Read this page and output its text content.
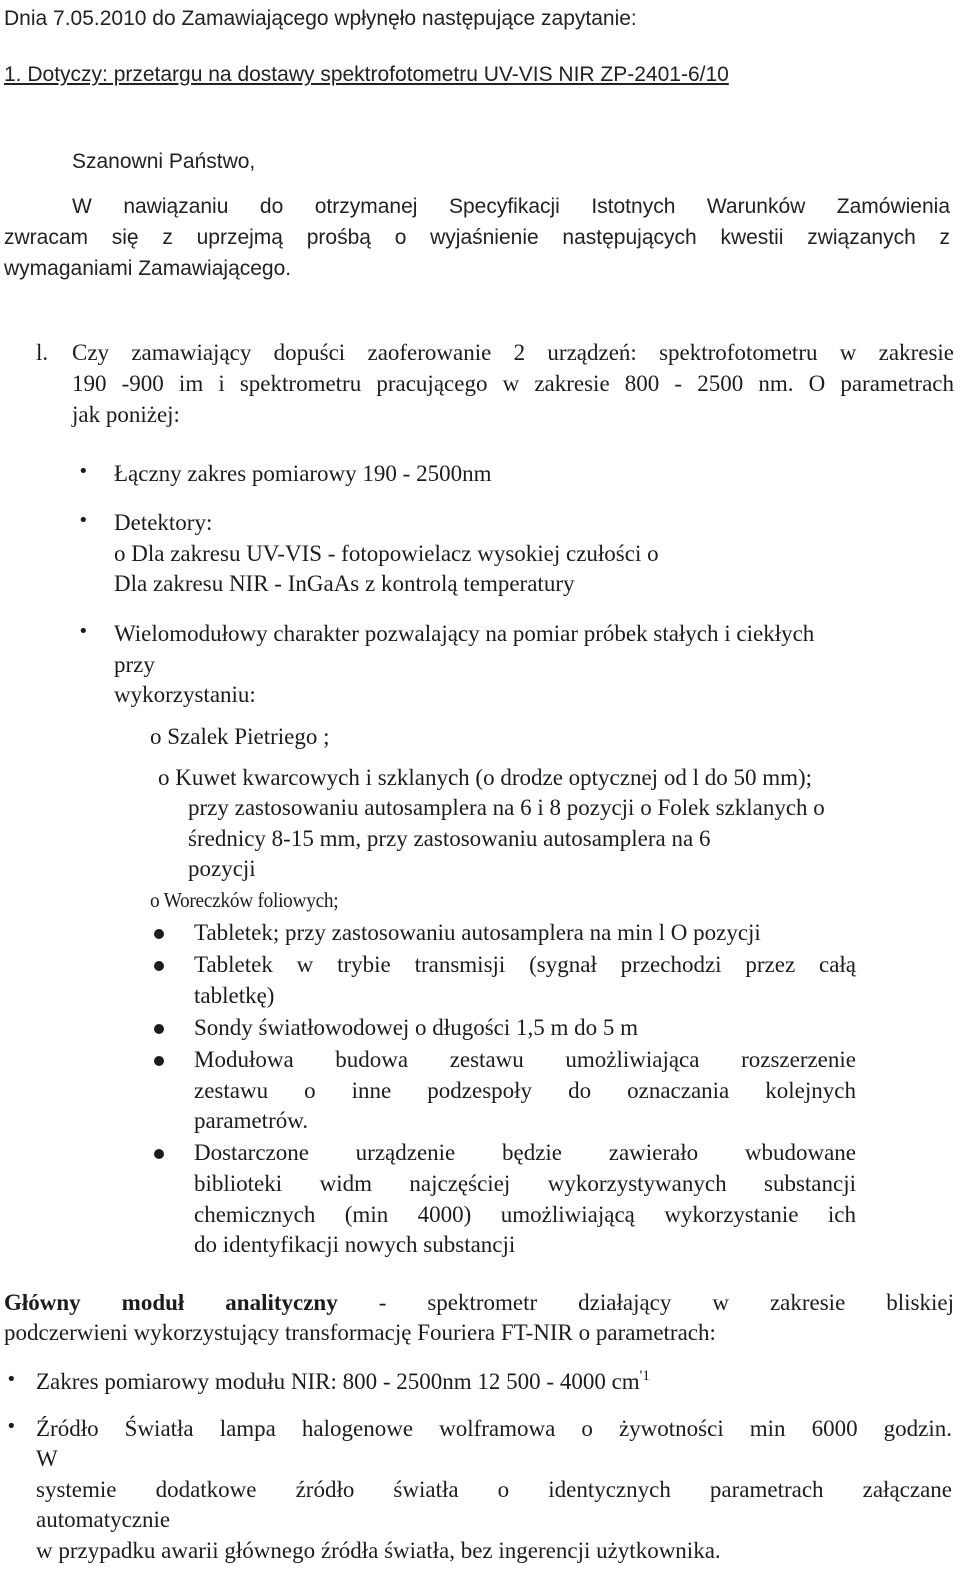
Dnia 7.05.2010 do Zamawiającego wpłynęło następujące zapytanie:
1. Dotyczy: przetargu na dostawy spektrofotometru UV-VIS NIR ZP-2401-6/10
Szanowni Państwo,
W nawiązaniu do otrzymanej Specyfikacji Istotnych Warunków Zamówienia
zwracam się z uprzejmą prośbą o wyjaśnienie następujących kwestii związanych z
wymaganiami Zamawiającego.
l. Czy zamawiający dopuści zaoferowanie 2 urządzeń: spektrofotometru w zakresie
190 -900 im i spektrometru pracującego w zakresie 800 - 2500 nm. O parametrach
jak poniżej:
• Łączny zakres pomiarowy 190 - 2500nm
• Detektory:
o Dla zakresu UV-VIS - fotopowielacz wysokiej czułości o
Dla zakresu NIR - InGaAs z kontrolą temperatury
• Wielomodułowy charakter pozwalający na pomiar próbek stałych i ciekłych
przy
wykorzystaniu:
o Szalek Pietriego ;
o Kuwet kwarcowych i szklanych (o drodze optycznej od l do 50 mm);
przy zastosowaniu autosamplera na 6 i 8 pozycji o Folek szklanych o
średnicy 8-15 mm, przy zastosowaniu autosamplera na 6
pozycji
o Woreczków foliowych;
Tabletek; przy zastosowaniu autosamplera na min l O pozycji
Tabletek w trybie transmisji (sygnał przechodzi przez całą
tabletkę)
Sondy światłowodowej o długości 1,5 m do 5 m
Modułowa budowa zestawu umożliwiająca rozszerzenie
zestawu o inne podzespoły do oznaczania kolejnych
parametrów.
Dostarczone urządzenie będzie zawierało wbudowane
biblioteki widm najczęściej wykorzystywanych substancji
chemicznych (min 4000) umożliwiającą wykorzystanie ich
do identyfikacji nowych substancji
Główny moduł analityczny - spektrometr działający w zakresie bliskiej
podczerwieni wykorzystujący transformację Fouriera FT-NIR o parametrach:
• Zakres pomiarowy modułu NIR: 800 - 2500nm 12 500 - 4000 $cm^{'1}$
• Źródło Światła lampa halogenowe wolframowa o żywotności min 6000 godzin.
W
systemie dodatkowe źródło światła o identycznych parametrach załączane
automatycznie
w przypadku awarii głównego źródła światła, bez ingerencji użytkownika.
